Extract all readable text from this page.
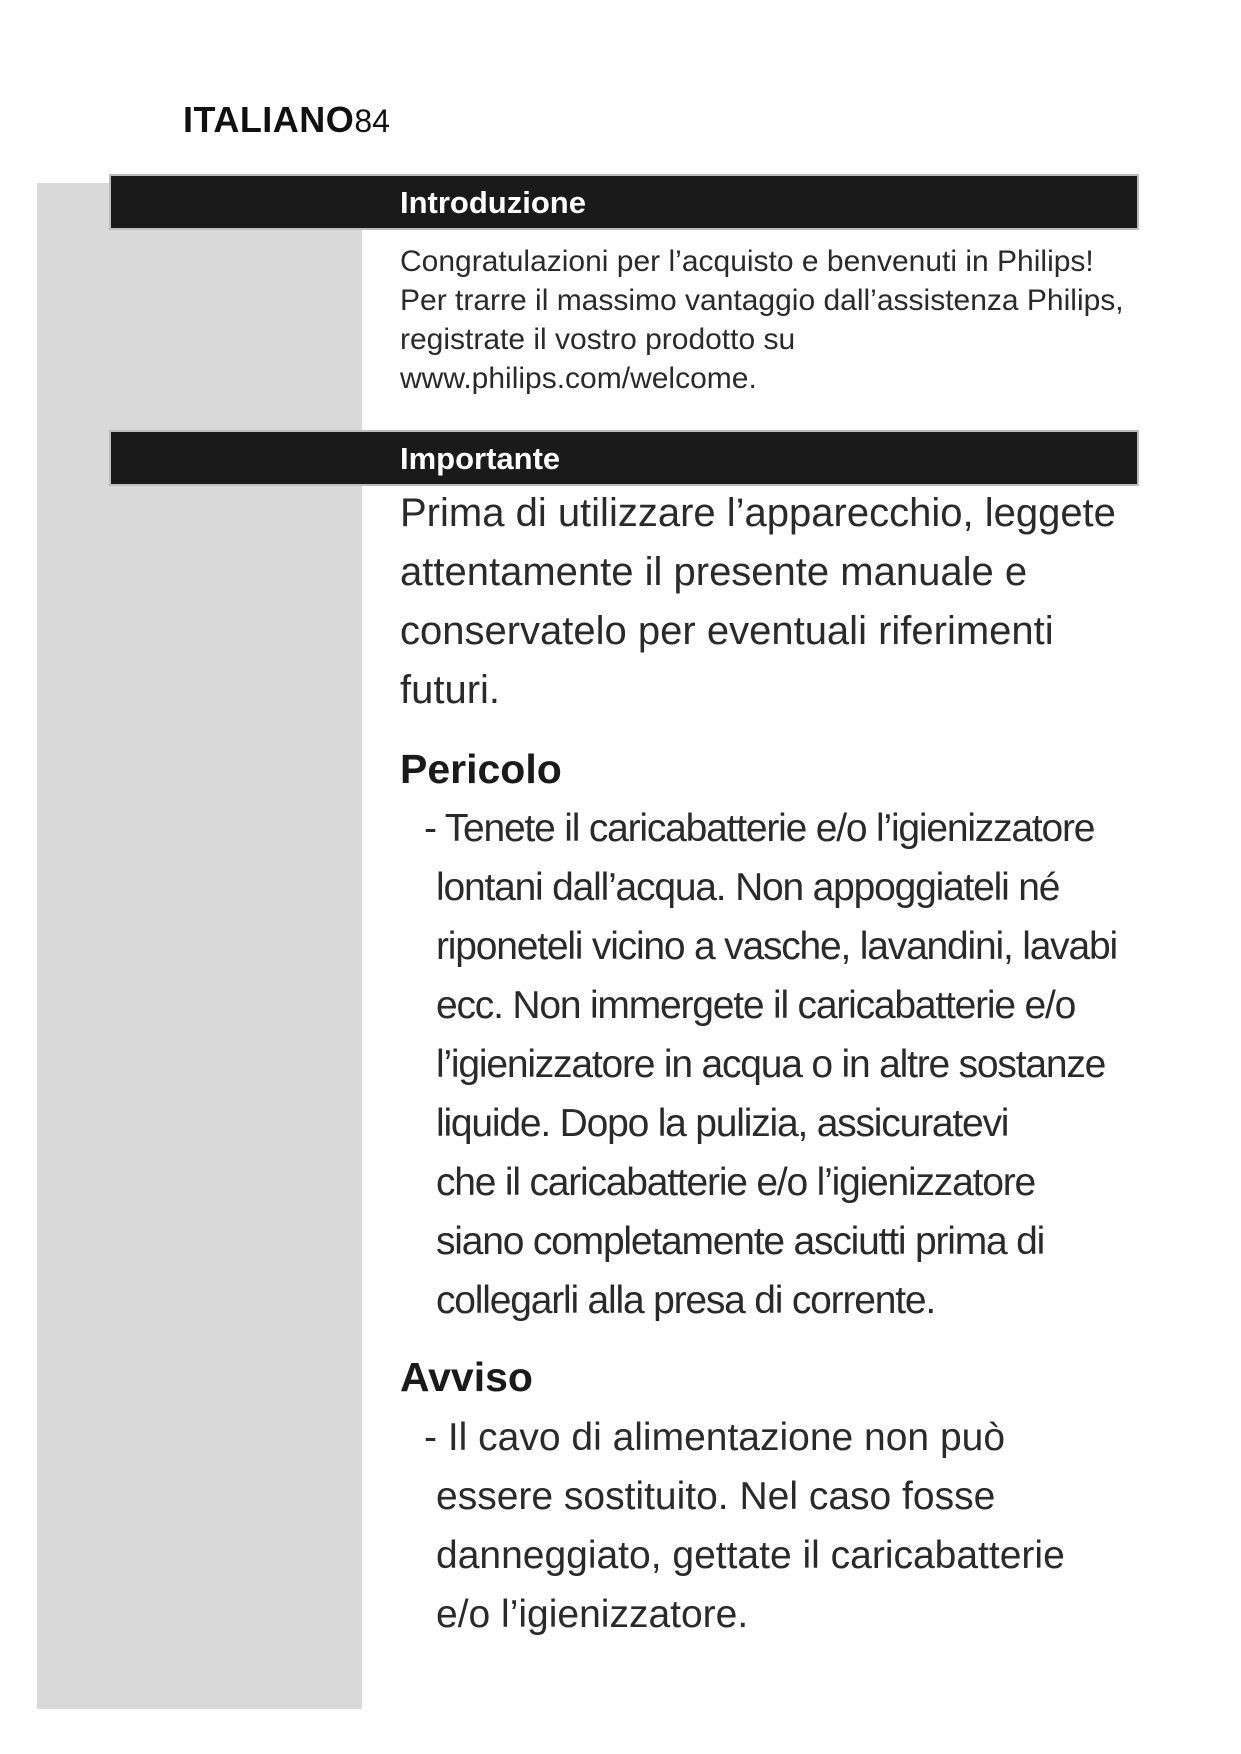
ITALIANO84
Introduzione
Congratulazioni per l’acquisto e benvenuti in Philips!
Per trarre il massimo vantaggio dall’assistenza Philips,
registrate il vostro prodotto su
www.philips.com/welcome.
Importante
Prima di utilizzare l’apparecchio, leggete
attentamente il presente manuale e
conservatelo per eventuali riferimenti
futuri.
Pericolo
- Tenete il caricabatterie e/o l’igienizzatore
lontani dall’acqua. Non appoggiateli né
riponeteli vicino a vasche, lavandini, lavabi
ecc. Non immergete il caricabatterie e/o
l’igienizzatore in acqua o in altre sostanze
liquide. Dopo la pulizia, assicuratevi
che il caricabatterie e/o l’igienizzatore
siano completamente asciutti prima di
collegarli alla presa di corrente.
Avviso
- Il cavo di alimentazione non può
essere sostituito. Nel caso fosse
danneggiato, gettate il caricabatterie
e/o l’igienizzatore.
